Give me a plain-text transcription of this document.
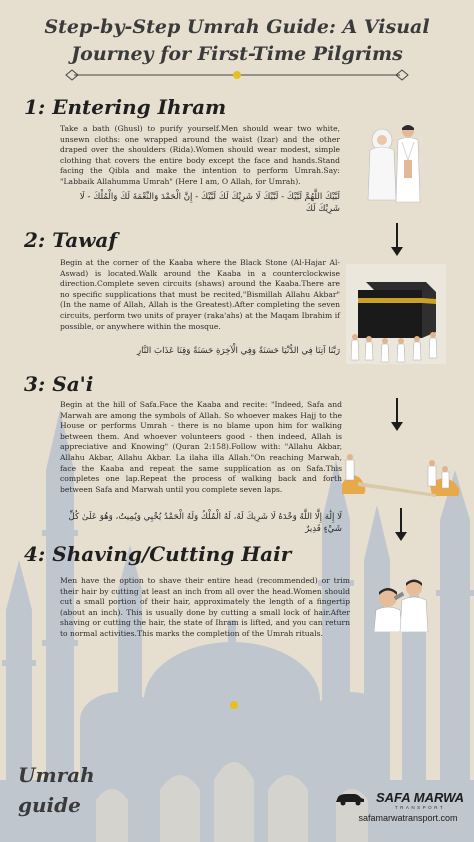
Step-by-Step Umrah Guide: A Visual Journey for First-Time Pilgrims
1: Entering Ihram
Take a bath (Ghusl) to purify yourself.Men should wear two white, unsewn cloths: one wrapped around the waist (Izar) and the other draped over the shoulders (Rida).Women should wear modest, simple clothing that covers the entire body except the face and hands.Stand facing the Qibla and make the intention to perform Umrah.Say: "Labbaik Allahumma Umrah" (Here I am, O Allah, for Umrah).
لَبَّيْكَ اللَّهُمَّ لَبَّيْكَ - لَبَّيْكَ لَا شَرِيْكَ لَكَ لَبَّيْكَ - إِنَّ الْحَمْدَ وَالنِّعْمَةَ لَكَ وَالْمُلْكَ - لَا شَرِيْكَ لَكَ
2: Tawaf
Begin at the corner of the Kaaba where the Black Stone (Al-Hajar Al-Aswad) is located.Walk around the Kaaba in a counterclockwise direction.Complete seven circuits (shaws) around the Kaaba.There are no specific supplications that must be recited,"Bismillah Allahu Akbar" (In the name of Allah, Allah is the Greatest).After completing the seven circuits, perform two units of prayer (raka'ahs) at the Maqam Ibrahim if possible, or anywhere within the mosque.
رَبَّنَا آتِنَا فِي الدُّنْيَا حَسَنَةً وَفِي الْآخِرَةِ حَسَنَةً وَقِنَا عَذَابَ النَّارِ
3: Sa'i
Begin at the hill of Safa.Face the Kaaba and recite: "Indeed, Safa and Marwah are among the symbols of Allah. So whoever makes Hajj to the House or performs Umrah - there is no blame upon him for walking between them. And whoever volunteers good - then indeed, Allah is appreciative and Knowing" (Quran 2:158).Follow with: "Allahu Akbar, Allahu Akbar, Allahu Akbar. La ilaha illa Allah."On reaching Marwah, face the Kaaba and repeat the same supplication as on Safa.This completes one lap.Repeat the process of walking back and forth between Safa and Marwah until you complete seven laps.
لَا إِلَٰهَ إِلَّا اللَّهُ وَحْدَهُ لَا شَرِيكَ لَهُ، لَهُ الْمُلْكُ وَلَهُ الْحَمْدُ يُحْيِي وَيُمِيتُ، وَهُوَ عَلَىٰ كُلِّ شَيْءٍ قَدِيرٌ
4: Shaving/Cutting Hair
Men have the option to shave their entire head (recommended) or trim their hair by cutting at least an inch from all over the head.Women should cut a small portion of their hair, approximately the length of a fingertip (about an inch). This is usually done by cutting a small lock of hair.After shaving or cutting the hair, the state of Ihram is lifted, and you can return to normal activities.This marks the completion of the Umrah rituals.
Umrah guide	SAFA MARWA
TRANSPORT
safamarwatransport.com
